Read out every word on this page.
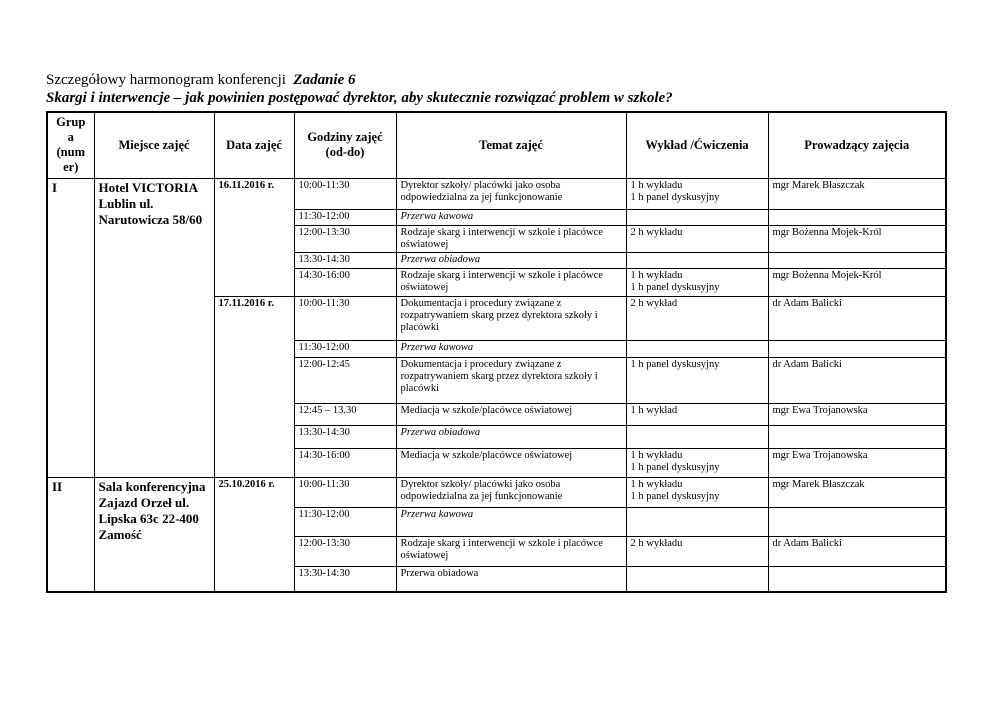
Szczegółowy harmonogram konferencji Zadanie 6
Skargi i interwencje – jak powinien postępować dyrektor, aby skutecznie rozwiązać problem w szkole?
Grup
a
(num
er)	Miejsce zajęć	Data zajęć	Godziny zajęć
(od-do)	Temat zajęć	Wykład /Ćwiczenia	Prowadzący zajęcia
I	Hotel VICTORIA Lublin ul. Narutowicza 58/60	16.11.2016 r.	10:00-11:30	Dyrektor szkoły/ placówki jako osoba odpowiedzialna za jej funkcjonowanie	1 h wykładu
1 h panel dyskusyjny	mgr Marek Błaszczak
			11:30-12:00	Przerwa kawowa		
			12:00-13:30	Rodzaje skarg i interwencji w szkole i placówce oświatowej	2 h wykładu	mgr Bożenna Mojek-Król
			13:30-14:30	Przerwa obiadowa		
			14:30-16:00	Rodzaje skarg i interwencji w szkole i placówce oświatowej	1 h wykładu
1 h panel dyskusyjny	mgr Bożenna Mojek-Król
		17.11.2016 r.	10:00-11:30	Dokumentacja i procedury związane z rozpatrywaniem skarg przez dyrektora szkoły i placówki	2 h wykład	dr Adam Balicki
			11:30-12:00	Przerwa kawowa		
			12:00-12:45	Dokumentacja i procedury związane z rozpatrywaniem skarg przez dyrektora szkoły i placówki	1 h panel dyskusyjny	dr Adam Balicki
			12:45 – 13.30	Mediacja w szkole/placówce oświatowej	1 h wykład	mgr Ewa Trojanowska
			13:30-14:30	Przerwa obiadowa		
			14:30-16:00	Mediacja w szkole/placówce oświatowej	1 h wykładu
1 h panel dyskusyjny	mgr Ewa Trojanowska
II	Sala konferencyjna Zajazd Orzeł ul. Lipska 63c 22-400 Zamość	25.10.2016 r.	10:00-11:30	Dyrektor szkoły/ placówki jako osoba odpowiedzialna za jej funkcjonowanie	1 h wykładu
1 h panel dyskusyjny	mgr Marek Błaszczak
			11:30-12:00	Przerwa kawowa		
			12:00-13:30	Rodzaje skarg i interwencji w szkole i placówce oświatowej	2 h wykładu	dr Adam Balicki
			13:30-14:30	Przerwa obiadowa		
